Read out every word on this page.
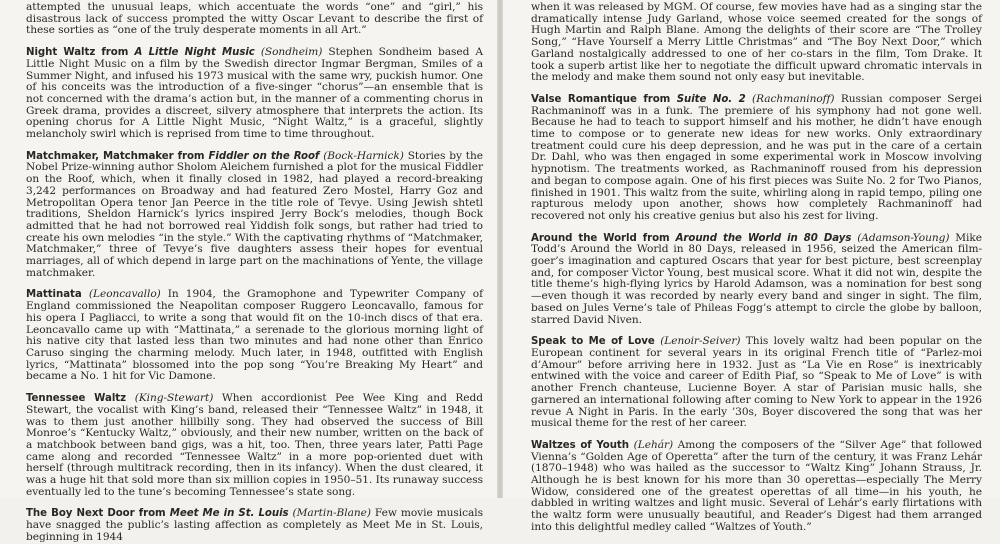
attempted the unusual leaps, which accentuate the words “one” and “girl,” his disastrous lack of success prompted the witty Oscar Levant to describe the first of these sorties as “one of the truly desperate moments in all Art.”

Night Waltz from A Little Night Music (Sondheim) Stephen Sondheim based A Little Night Music on a film by the Swedish director Ingmar Bergman, Smiles of a Summer Night, and infused his 1973 musical with the same wry, puckish humor. One of his conceits was the introduction of a five-singer “chorus”—an ensemble that is not concerned with the drama’s action but, in the manner of a commenting chorus in Greek drama, provides a discreet, silvery atmosphere that interprets the action. Its opening chorus for A Little Night Music, “Night Waltz,” is a graceful, slightly melancholy swirl which is reprised from time to time throughout.

Matchmaker, Matchmaker from Fiddler on the Roof (Bock-Harnick) Stories by the Nobel Prize-winning author Sholom Aleichem furnished a plot for the musical Fiddler on the Roof, which, when it finally closed in 1982, had played a record-breaking 3,242 performances on Broadway and had featured Zero Mostel, Harry Goz and Metropolitan Opera tenor Jan Peerce in the title role of Tevye. Using Jewish shtetl traditions, Sheldon Harnick’s lyrics inspired Jerry Bock’s melodies, though Bock admitted that he had not borrowed real Yiddish folk songs, but rather had tried to create his own melodies “in the style.” With the captivating rhythms of “Matchmaker, Matchmaker,” three of Tevye’s five daughters assess their hopes for eventual marriages, all of which depend in large part on the machinations of Yente, the village matchmaker.

Mattinata (Leoncavallo) In 1904, the Gramophone and Typewriter Company of England commissioned the Neapolitan composer Ruggero Leoncavallo, famous for his opera I Pagliacci, to write a song that would fit on the 10-inch discs of that era. Leoncavallo came up with “Mattinata,” a serenade to the glorious morning light of his native city that lasted less than two minutes and had none other than Enrico Caruso singing the charming melody. Much later, in 1948, outfitted with English lyrics, “Mattinata” blossomed into the pop song “You’re Breaking My Heart” and became a No. 1 hit for Vic Damone.

Tennessee Waltz (King-Stewart) When accordionist Pee Wee King and Redd Stewart, the vocalist with King’s band, released their “Tennessee Waltz” in 1948, it was to them just another hillbilly song. They had observed the success of Bill Monroe’s “Kentucky Waltz,” obviously, and their new number, written on the back of a matchbook between band gigs, was a hit, too. Then, three years later, Patti Page came along and recorded “Tennessee Waltz” in a more pop-oriented duet with herself (through multitrack recording, then in its infancy). When the dust cleared, it was a huge hit that sold more than six million copies in 1950–51. Its runaway success eventually led to the tune’s becoming Tennessee’s state song.

The Boy Next Door from Meet Me in St. Louis (Martin-Blane) Few movie musicals have snagged the public’s lasting affection as completely as Meet Me in St. Louis, beginning in 1944

when it was released by MGM. Of course, few movies have had as a singing star the dramatically intense Judy Garland, whose voice seemed created for the songs of Hugh Martin and Ralph Blane. Among the delights of their score are “The Trolley Song,” “Have Yourself a Merry Little Christmas” and “The Boy Next Door,” which Garland nostalgically addressed to one of her co-stars in the film, Tom Drake. It took a superb artist like her to negotiate the difficult upward chromatic intervals in the melody and make them sound not only easy but inevitable.

Valse Romantique from Suite No. 2 (Rachmaninoff) Russian composer Sergei Rachmaninoff was in a funk. The premiere of his symphony had not gone well. Because he had to teach to support himself and his mother, he didn’t have enough time to compose or to generate new ideas for new works. Only extraordinary treatment could cure his deep depression, and he was put in the care of a certain Dr. Dahl, who was then engaged in some experimental work in Moscow involving hypnotism. The treatments worked, as Rachmaninoff roused from his depression and began to compose again. One of his first pieces was Suite No. 2 for Two Pianos, finished in 1901. This waltz from the suite, whirling along in rapid tempo, piling one rapturous melody upon another, shows how completely Rachmaninoff had recovered not only his creative genius but also his zest for living.

Around the World from Around the World in 80 Days (Adamson-Young) Mike Todd’s Around the World in 80 Days, released in 1956, seized the American film-goer’s imagination and captured Oscars that year for best picture, best screenplay and, for composer Victor Young, best musical score. What it did not win, despite the title theme’s high-flying lyrics by Harold Adamson, was a nomination for best song—even though it was recorded by nearly every band and singer in sight. The film, based on Jules Verne’s tale of Phileas Fogg’s attempt to circle the globe by balloon, starred David Niven.

Speak to Me of Love (Lenoir-Seiver) This lovely waltz had been popular on the European continent for several years in its original French title of “Parlez-moi d’Amour” before arriving here in 1932. Just as “La Vie en Rose” is inextricably entwined with the voice and career of Edith Piaf, so “Speak to Me of Love” is with another French chanteuse, Lucienne Boyer. A star of Parisian music halls, she garnered an international following after coming to New York to appear in the 1926 revue A Night in Paris. In the early ’30s, Boyer discovered the song that was her musical theme for the rest of her career.

Waltzes of Youth (Lehár) Among the composers of the “Silver Age” that followed Vienna’s “Golden Age of Operetta” after the turn of the century, it was Franz Lehár (1870–1948) who was hailed as the successor to “Waltz King” Johann Strauss, Jr. Although he is best known for his more than 30 operettas—especially The Merry Widow, considered one of the greatest operettas of all time—in his youth, he dabbled in writing waltzes and light music. Several of Lehár’s early flirtations with the waltz form were unusually beautiful, and Reader’s Digest had them arranged into this delightful medley called “Waltzes of Youth.”
